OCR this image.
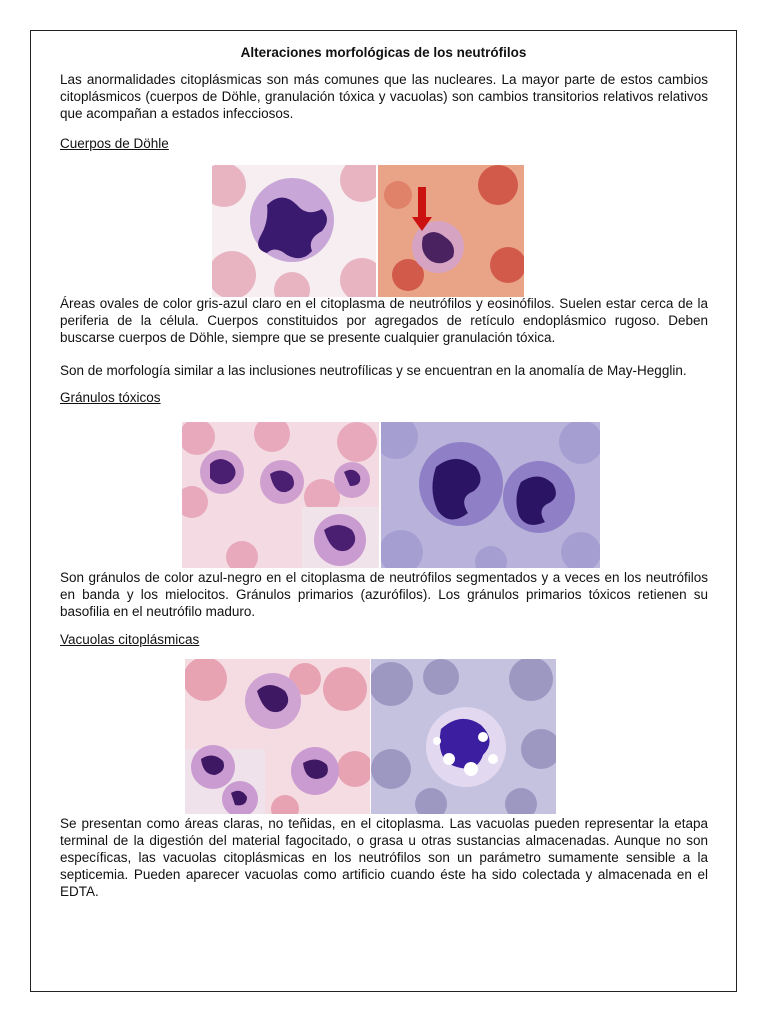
Alteraciones morfológicas de los neutrófilos

Las anormalidades citoplásmicas son más comunes que las nucleares. La mayor parte de estos cambios citoplásmicos (cuerpos de Döhle, granulación tóxica y vacuolas) son cambios transitorios relativos relativos que acompañan a estados infecciosos.

Cuerpos de Döhle

Áreas ovales de color gris-azul claro en el citoplasma de neutrófilos y eosinófilos. Suelen estar cerca de la periferia de la célula. Cuerpos constituidos por agregados de retículo endoplásmico rugoso. Deben buscarse cuerpos de Döhle, siempre que se presente cualquier granulación tóxica.

Son de morfología similar a las inclusiones neutrofílicas y se encuentran en la anomalía de May-Hegglin.

Gránulos tóxicos

Son gránulos de color azul-negro en el citoplasma de neutrófilos segmentados y a veces en los neutrófilos en banda y los mielocitos. Gránulos primarios (azurófilos). Los gránulos primarios tóxicos retienen su basofilia en el neutrófilo maduro.

Vacuolas citoplásmicas

Se presentan como áreas claras, no teñidas, en el citoplasma. Las vacuolas pueden representar la etapa terminal de la digestión del material fagocitado, o grasa u otras sustancias almacenadas. Aunque no son específicas, las vacuolas citoplásmicas en los neutrófilos son un parámetro sumamente sensible a la septicemia. Pueden aparecer vacuolas como artificio cuando éste ha sido colectada y almacenada en el EDTA.
